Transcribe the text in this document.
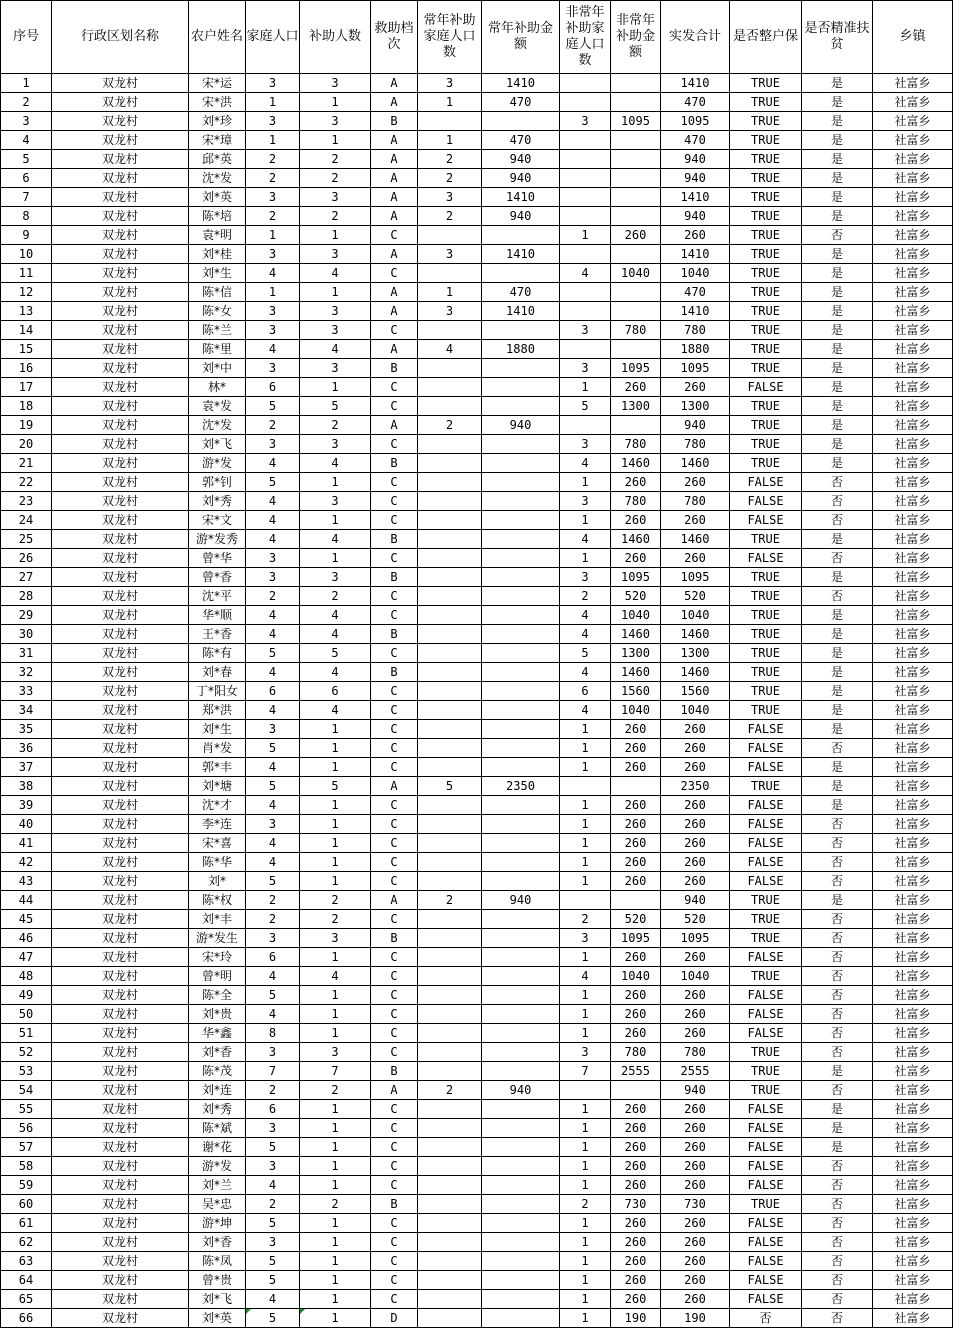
序号	行政区划名称	农户姓名	家庭人口	补助人数	救助档次	常年补助家庭人口数	常年补助金额	非常年补助家庭人口数	非常年补助金额	实发合计	是否整户保	是否精准扶贫	乡镇
1	双龙村	宋*运	3	3	A	3	1410			1410	TRUE	是	社富乡
2	双龙村	宋*洪	1	1	A	1	470			470	TRUE	是	社富乡
3	双龙村	刘*珍	3	3	B			3	1095	1095	TRUE	是	社富乡
4	双龙村	宋*璋	1	1	A	1	470			470	TRUE	是	社富乡
5	双龙村	邱*英	2	2	A	2	940			940	TRUE	是	社富乡
6	双龙村	沈*发	2	2	A	2	940			940	TRUE	是	社富乡
7	双龙村	刘*英	3	3	A	3	1410			1410	TRUE	是	社富乡
8	双龙村	陈*培	2	2	A	2	940			940	TRUE	是	社富乡
9	双龙村	袁*明	1	1	C			1	260	260	TRUE	否	社富乡
10	双龙村	刘*桂	3	3	A	3	1410			1410	TRUE	是	社富乡
11	双龙村	刘*生	4	4	C			4	1040	1040	TRUE	是	社富乡
12	双龙村	陈*信	1	1	A	1	470			470	TRUE	是	社富乡
13	双龙村	陈*女	3	3	A	3	1410			1410	TRUE	是	社富乡
14	双龙村	陈*兰	3	3	C			3	780	780	TRUE	是	社富乡
15	双龙村	陈*里	4	4	A	4	1880			1880	TRUE	是	社富乡
16	双龙村	刘*中	3	3	B			3	1095	1095	TRUE	是	社富乡
17	双龙村	林*	6	1	C			1	260	260	FALSE	是	社富乡
18	双龙村	袁*发	5	5	C			5	1300	1300	TRUE	是	社富乡
19	双龙村	沈*发	2	2	A	2	940			940	TRUE	是	社富乡
20	双龙村	刘*飞	3	3	C			3	780	780	TRUE	是	社富乡
21	双龙村	游*发	4	4	B			4	1460	1460	TRUE	是	社富乡
22	双龙村	郭*钊	5	1	C			1	260	260	FALSE	否	社富乡
23	双龙村	刘*秀	4	3	C			3	780	780	FALSE	否	社富乡
24	双龙村	宋*文	4	1	C			1	260	260	FALSE	否	社富乡
25	双龙村	游*发秀	4	4	B			4	1460	1460	TRUE	是	社富乡
26	双龙村	曾*华	3	1	C			1	260	260	FALSE	否	社富乡
27	双龙村	曾*香	3	3	B			3	1095	1095	TRUE	是	社富乡
28	双龙村	沈*平	2	2	C			2	520	520	TRUE	否	社富乡
29	双龙村	华*顺	4	4	C			4	1040	1040	TRUE	是	社富乡
30	双龙村	王*香	4	4	B			4	1460	1460	TRUE	是	社富乡
31	双龙村	陈*有	5	5	C			5	1300	1300	TRUE	是	社富乡
32	双龙村	刘*春	4	4	B			4	1460	1460	TRUE	是	社富乡
33	双龙村	丁*阳女	6	6	C			6	1560	1560	TRUE	是	社富乡
34	双龙村	郑*洪	4	4	C			4	1040	1040	TRUE	是	社富乡
35	双龙村	刘*生	3	1	C			1	260	260	FALSE	是	社富乡
36	双龙村	肖*发	5	1	C			1	260	260	FALSE	否	社富乡
37	双龙村	郭*丰	4	1	C			1	260	260	FALSE	是	社富乡
38	双龙村	刘*塘	5	5	A	5	2350			2350	TRUE	是	社富乡
39	双龙村	沈*才	4	1	C			1	260	260	FALSE	是	社富乡
40	双龙村	李*连	3	1	C			1	260	260	FALSE	否	社富乡
41	双龙村	宋*喜	4	1	C			1	260	260	FALSE	否	社富乡
42	双龙村	陈*华	4	1	C			1	260	260	FALSE	否	社富乡
43	双龙村	刘*	5	1	C			1	260	260	FALSE	否	社富乡
44	双龙村	陈*权	2	2	A	2	940			940	TRUE	是	社富乡
45	双龙村	刘*丰	2	2	C			2	520	520	TRUE	否	社富乡
46	双龙村	游*发生	3	3	B			3	1095	1095	TRUE	否	社富乡
47	双龙村	宋*玲	6	1	C			1	260	260	FALSE	否	社富乡
48	双龙村	曾*明	4	4	C			4	1040	1040	TRUE	否	社富乡
49	双龙村	陈*全	5	1	C			1	260	260	FALSE	否	社富乡
50	双龙村	刘*贵	4	1	C			1	260	260	FALSE	否	社富乡
51	双龙村	华*鑫	8	1	C			1	260	260	FALSE	否	社富乡
52	双龙村	刘*香	3	3	C			3	780	780	TRUE	否	社富乡
53	双龙村	陈*茂	7	7	B			7	2555	2555	TRUE	是	社富乡
54	双龙村	刘*连	2	2	A	2	940			940	TRUE	否	社富乡
55	双龙村	刘*秀	6	1	C			1	260	260	FALSE	是	社富乡
56	双龙村	陈*斌	3	1	C			1	260	260	FALSE	是	社富乡
57	双龙村	谢*花	5	1	C			1	260	260	FALSE	是	社富乡
58	双龙村	游*发	3	1	C			1	260	260	FALSE	否	社富乡
59	双龙村	刘*兰	4	1	C			1	260	260	FALSE	否	社富乡
60	双龙村	吴*忠	2	2	B			2	730	730	TRUE	否	社富乡
61	双龙村	游*坤	5	1	C			1	260	260	FALSE	否	社富乡
62	双龙村	刘*香	3	1	C			1	260	260	FALSE	否	社富乡
63	双龙村	陈*凤	5	1	C			1	260	260	FALSE	否	社富乡
64	双龙村	曾*贵	5	1	C			1	260	260	FALSE	否	社富乡
65	双龙村	刘*飞	4	1	C			1	260	260	FALSE	否	社富乡
66	双龙村	刘*英	5	1	D			1	190	190	否	否	社富乡
